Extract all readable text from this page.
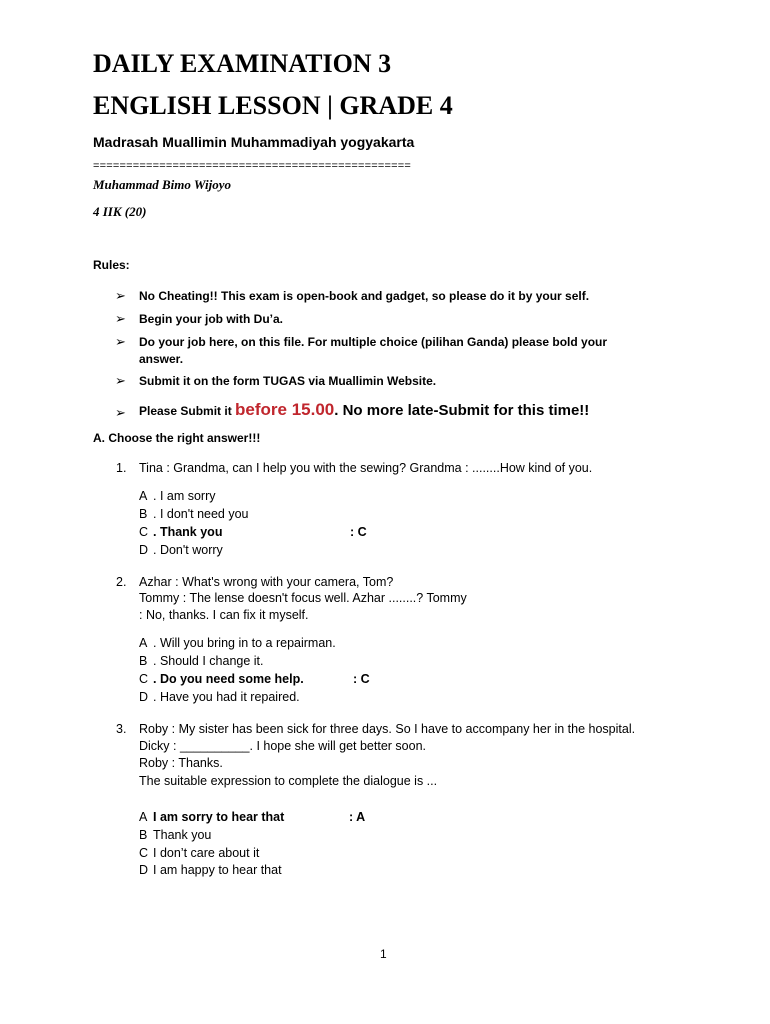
DAILY EXAMINATION 3
ENGLISH LESSON | GRADE 4
Madrasah Muallimin Muhammadiyah yogyakarta
================================================
Muhammad Bimo Wijoyo
4 IIK (20)
Rules:
➢ No Cheating!! This exam is open-book and gadget, so please do it by your self.
➢ Begin your job with Du’a.
➢ Do your job here, on this file. For multiple choice (pilihan Ganda) please bold your
answer.
➢ Submit it on the form TUGAS via Muallimin Website.
➢ Please Submit it before 15.00. No more late-Submit for this time!!
A. Choose the right answer!!!
1. Tina : Grandma, can I help you with the sewing? Grandma : ........How kind of you.
A . I am sorry
B . I don't need you
C . Thank you	: C
D . Don't worry
2. Azhar : What's wrong with your camera, Tom?
Tommy : The lense doesn't focus well. Azhar ........? Tommy
: No, thanks. I can fix it myself.
A . Will you bring in to a repairman.
B . Should I change it.
C . Do you need some help.	: C
D . Have you had it repaired.
3. Roby : My sister has been sick for three days. So I have to accompany her in the hospital.
Dicky : __________. I hope she will get better soon.
Roby : Thanks.
The suitable expression to complete the dialogue is ...
A I am sorry to hear that	: A
B Thank you
C I don’t care about it
D I am happy to hear that
1
